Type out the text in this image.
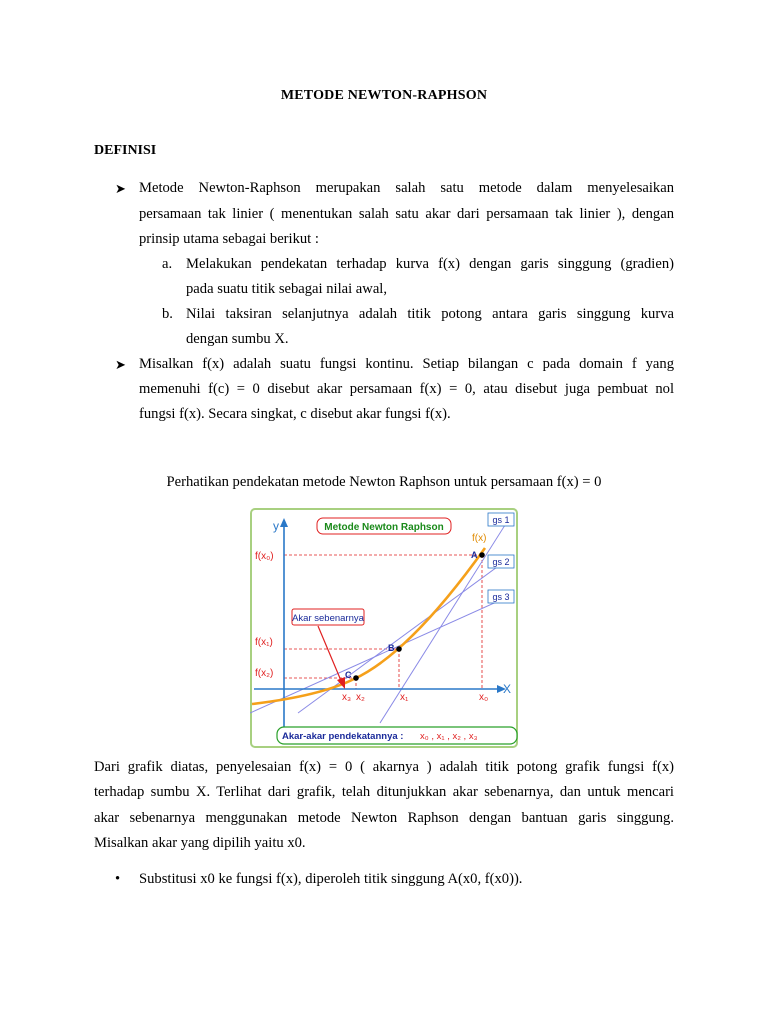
METODE NEWTON-RAPHSON
DEFINISI
➤ Metode Newton-Raphson merupakan salah satu metode dalam menyelesaikan
persamaan tak linier ( menentukan salah satu akar dari persamaan tak linier ), dengan
prinsip utama sebagai berikut :
a. Melakukan pendekatan terhadap kurva f(x) dengan garis singgung (gradien)
pada suatu titik sebagai nilai awal,
b. Nilai taksiran selanjutnya adalah titik potong antara garis singgung kurva
dengan sumbu X.
➤ Misalkan f(x) adalah suatu fungsi kontinu. Setiap bilangan c pada domain f yang
memenuhi f(c) = 0 disebut akar persamaan f(x) = 0, atau disebut juga pembuat nol
fungsi f(x). Secara singkat, c disebut akar fungsi f(x).
Perhatikan pendekatan metode Newton Raphson untuk persamaan f(x) = 0
Metode Newton Raphson
Akar sebenarnya
gs 1
gs 2
gs 3
y
X
f(x)
A
B
C
f(x₀)
f(x₁)
f(x₂)
x₃ x₂	x₁	x₀
Akar-akar pendekatannya : x₀ , x₁ , x₂ , x₃
Dari grafik diatas, penyelesaian f(x) = 0 ( akarnya ) adalah titik potong grafik fungsi f(x)
terhadap sumbu X. Terlihat dari grafik, telah ditunjukkan akar sebenarnya, dan untuk mencari
akar sebenarnya menggunakan metode Newton Raphson dengan bantuan garis singgung.
Misalkan akar yang dipilih yaitu x0.
• Substitusi x0 ke fungsi f(x), diperoleh titik singgung A(x0, f(x0)).
